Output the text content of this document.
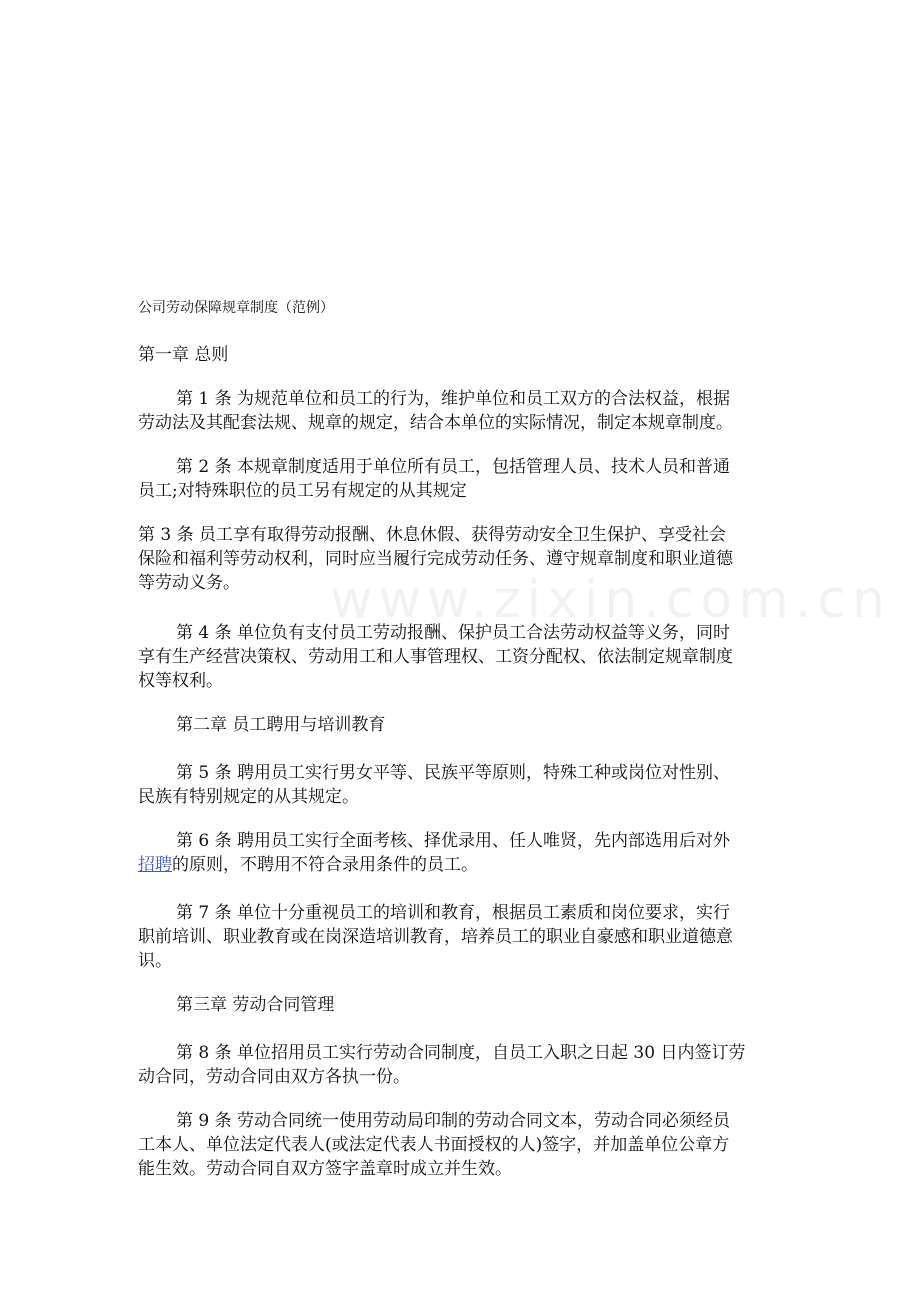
www.zixin.com.cn
公司劳动保障规章制度（范例）
第一章 总则
第 1 条 为规范单位和员工的行为，维护单位和员工双方的合法权益，根据
劳动法及其配套法规、规章的规定，结合本单位的实际情况，制定本规章制度。
第 2 条 本规章制度适用于单位所有员工，包括管理人员、技术人员和普通
员工;对特殊职位的员工另有规定的从其规定
第 3 条 员工享有取得劳动报酬、休息休假、获得劳动安全卫生保护、享受社会
保险和福利等劳动权利，同时应当履行完成劳动任务、遵守规章制度和职业道德
等劳动义务。
第 4 条 单位负有支付员工劳动报酬、保护员工合法劳动权益等义务，同时
享有生产经营决策权、劳动用工和人事管理权、工资分配权、依法制定规章制度
权等权利。
第二章 员工聘用与培训教育
第 5 条 聘用员工实行男女平等、民族平等原则，特殊工种或岗位对性别、
民族有特别规定的从其规定。
第 6 条 聘用员工实行全面考核、择优录用、任人唯贤，先内部选用后对外
招聘的原则，不聘用不符合录用条件的员工。
第 7 条 单位十分重视员工的培训和教育，根据员工素质和岗位要求，实行
职前培训、职业教育或在岗深造培训教育，培养员工的职业自豪感和职业道德意
识。
第三章 劳动合同管理
第 8 条 单位招用员工实行劳动合同制度，自员工入职之日起 30 日内签订劳
动合同，劳动合同由双方各执一份。
第 9 条 劳动合同统一使用劳动局印制的劳动合同文本，劳动合同必须经员
工本人、单位法定代表人(或法定代表人书面授权的人)签字，并加盖单位公章方
能生效。劳动合同自双方签字盖章时成立并生效。
